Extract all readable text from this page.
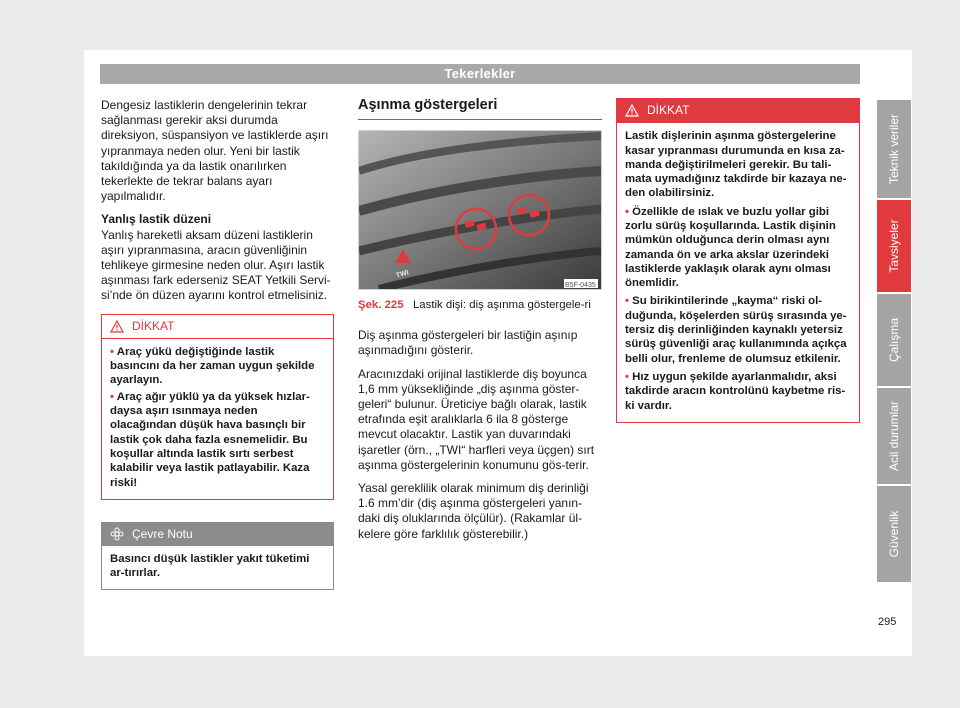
Tekerlekler

Dengesiz lastiklerin dengelerinin tekrar sağlanması gerekir aksi durumda direksiyon, süspansiyon ve lastiklerde aşırı yıpranmaya neden olur. Yeni bir lastik takıldığında ya da lastik onarılırken tekerlekte de tekrar balans ayarı yapılmalıdır.

Yanlış lastik düzeni

Yanlış hareketli aksam düzeni lastiklerin aşırı yıpranmasına, aracın güvenliğinin tehlikeye girmesine neden olur. Aşırı lastik aşınması fark ederseniz SEAT Yetkili Servi-si’nde ön düzen ayarını kontrol etmelisiniz.

DİKKAT

• Araç yükü değiştiğinde lastik basıncını da her zaman uygun şekilde ayarlayın.

• Araç ağır yüklü ya da yüksek hızlar-daysa aşırı ısınmaya neden olacağından düşük hava basınçlı bir lastik çok daha fazla esnemelidir. Bu koşullar altında lastik sırtı serbest kalabilir veya lastik patlayabilir. Kaza riski!

Çevre Notu
Basıncı düşük lastikler yakıt tüketimi ar-tırırlar.
Aşınma göstergeleri
TWI
B5F-0435
Şek. 225 Lastik dişi: diş aşınma göstergele-ri

Diş aşınma göstergeleri bir lastiğin aşınıp aşınmadığını gösterir.

Aracınızdaki orijinal lastiklerde diş boyunca 1,6 mm yüksekliğinde „diş aşınma göster-geleri“ bulunur. Üreticiye bağlı olarak, lastik etrafında eşit aralıklarla 6 ila 8 gösterge mevcut olacaktır. Lastik yan duvarındaki işaretler (örn., „TWI“ harfleri veya üçgen) sırt aşınma göstergelerinin konumunu gös-terir.

Yasal gereklilik olarak minimum diş derinliği 1.6 mm’dir (diş aşınma göstergeleri yanın-daki diş oluklarında ölçülür). (Rakamlar ül-kelere göre farklılık gösterebilir.)

DİKKAT

Lastik dişlerinin aşınma göstergelerine kasar yıpranması durumunda en kısa za-manda değiştirilmeleri gerekir. Bu tali-mata uymadığınız takdirde bir kazaya ne-den olabilirsiniz.

• Özellikle de ıslak ve buzlu yollar gibi zorlu sürüş koşullarında. Lastik dişinin mümkün olduğunca derin olması aynı zamanda ön ve arka akslar üzerindeki lastiklerde yaklaşık olarak aynı olması önemlidir.

• Su birikintilerinde „kayma“ riski ol-duğunda, köşelerden sürüş sırasında ye-tersiz diş derinliğinden kaynaklı yetersiz sürüş güvenliği araç kullanımında açıkça belli olur, frenleme de olumsuz etkilenir.

• Hız uygun şekilde ayarlanmalıdır, aksi takdirde aracın kontrolünü kaybetme ris-ki vardır.

Teknik veriler
Tavsiyeler
Çalışma
Acil durumlar
Güvenlik
295
